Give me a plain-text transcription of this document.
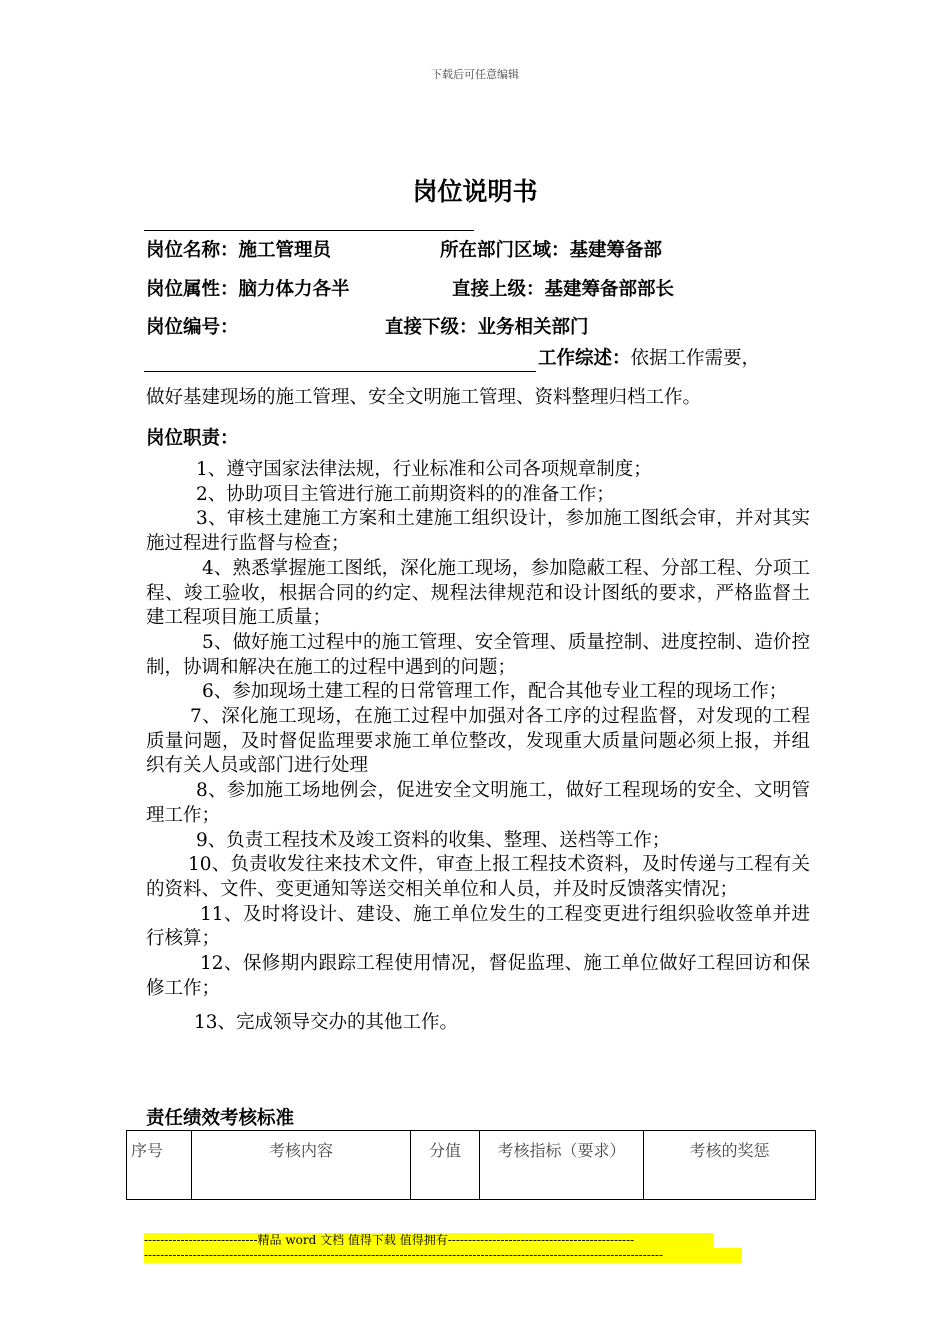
下载后可任意编辑
岗位说明书
岗位名称：施工管理员	所在部门区域：基建筹备部
岗位属性：脑力体力各半	直接上级：基建筹备部部长
岗位编号：	直接下级：业务相关部门
工作综述：依据工作需要，
做好基建现场的施工管理、安全文明施工管理、资料整理归档工作。
岗位职责：

1、遵守国家法律法规，行业标准和公司各项规章制度；

2、协助项目主管进行施工前期资料的的准备工作；

3、审核土建施工方案和土建施工组织设计，参加施工图纸会审，并对其实施过程进行监督与检查；

4、熟悉掌握施工图纸，深化施工现场，参加隐蔽工程、分部工程、分项工程、竣工验收，根据合同的约定、规程法律规范和设计图纸的要求，严格监督土建工程项目施工质量；

5、做好施工过程中的施工管理、安全管理、质量控制、进度控制、造价控制，协调和解决在施工的过程中遇到的问题；

6、参加现场土建工程的日常管理工作，配合其他专业工程的现场工作；

7、深化施工现场，在施工过程中加强对各工序的过程监督，对发现的工程质量问题，及时督促监理要求施工单位整改，发现重大质量问题必须上报，并组织有关人员或部门进行处理

8、参加施工场地例会，促进安全文明施工，做好工程现场的安全、文明管理工作；

9、负责工程技术及竣工资料的收集、整理、送档等工作；

10、负责收发往来技术文件，审查上报工程技术资料，及时传递与工程有关的资料、文件、变更通知等送交相关单位和人员，并及时反馈落实情况；

11、及时将设计、建设、施工单位发生的工程变更进行组织验收签单并进行核算；

12、保修期内跟踪工程使用情况，督促监理、施工单位做好工程回访和保修工作；

13、完成领导交办的其他工作。

责任绩效考核标准
序号	考核内容	分值	考核指标（要求）	考核的奖惩
----------------------------精品 word 文档 值得下载 值得拥有----------------------------------------------
--------------------------------------------------------------------------------------------------------------------------------
